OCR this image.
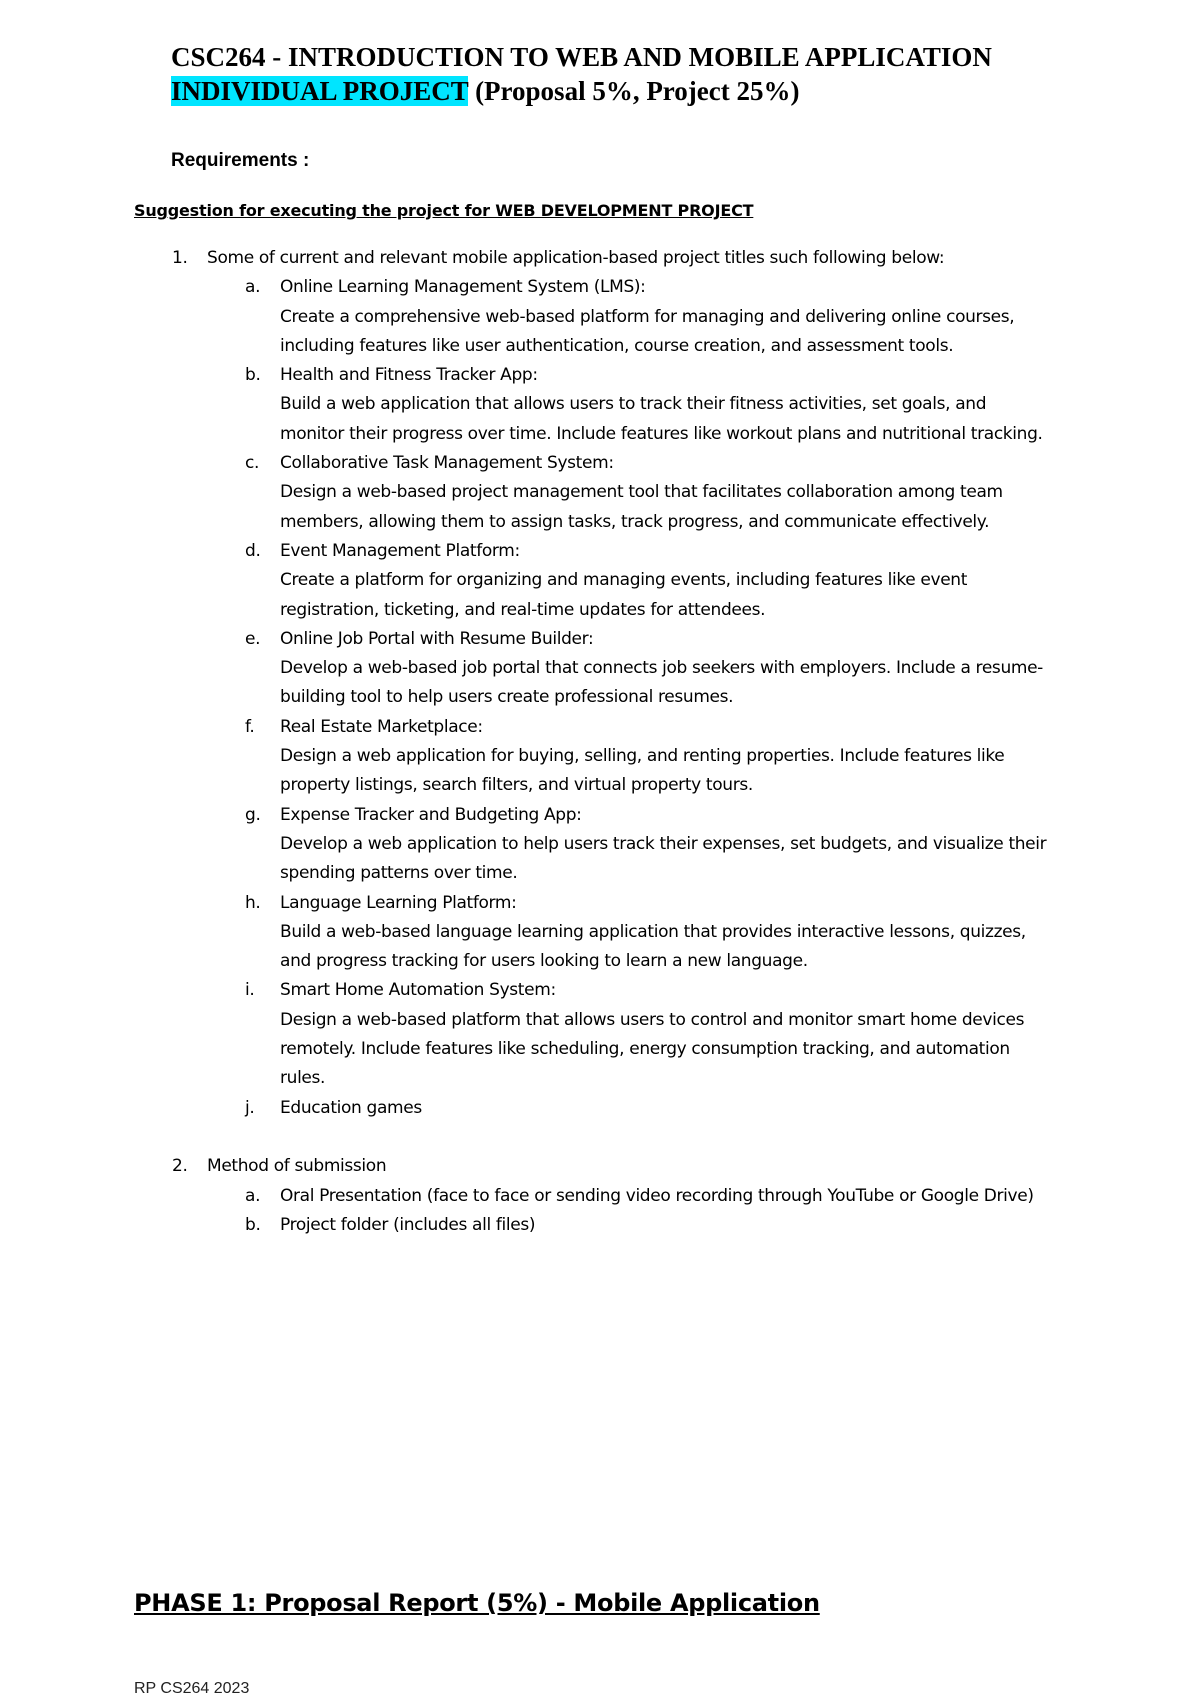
CSC264 - INTRODUCTION TO WEB AND MOBILE APPLICATION
INDIVIDUAL PROJECT (Proposal 5%, Project 25%)
Requirements :
Suggestion for executing the project for WEB DEVELOPMENT PROJECT
1. Some of current and relevant mobile application-based project titles such following below:
a. Online Learning Management System (LMS):
Create a comprehensive web-based platform for managing and delivering online courses,
including features like user authentication, course creation, and assessment tools.
b. Health and Fitness Tracker App:
Build a web application that allows users to track their fitness activities, set goals, and
monitor their progress over time. Include features like workout plans and nutritional tracking.
c. Collaborative Task Management System:
Design a web-based project management tool that facilitates collaboration among team
members, allowing them to assign tasks, track progress, and communicate effectively.
d. Event Management Platform:
Create a platform for organizing and managing events, including features like event
registration, ticketing, and real-time updates for attendees.
e. Online Job Portal with Resume Builder:
Develop a web-based job portal that connects job seekers with employers. Include a resume-
building tool to help users create professional resumes.
f. Real Estate Marketplace:
Design a web application for buying, selling, and renting properties. Include features like
property listings, search filters, and virtual property tours.
g. Expense Tracker and Budgeting App:
Develop a web application to help users track their expenses, set budgets, and visualize their
spending patterns over time.
h. Language Learning Platform:
Build a web-based language learning application that provides interactive lessons, quizzes,
and progress tracking for users looking to learn a new language.
i. Smart Home Automation System:
Design a web-based platform that allows users to control and monitor smart home devices
remotely. Include features like scheduling, energy consumption tracking, and automation
rules.
j. Education games
2. Method of submission
a. Oral Presentation (face to face or sending video recording through YouTube or Google Drive)
b. Project folder (includes all files)
PHASE 1: Proposal Report (5%) - Mobile Application
RP CS264 2023
